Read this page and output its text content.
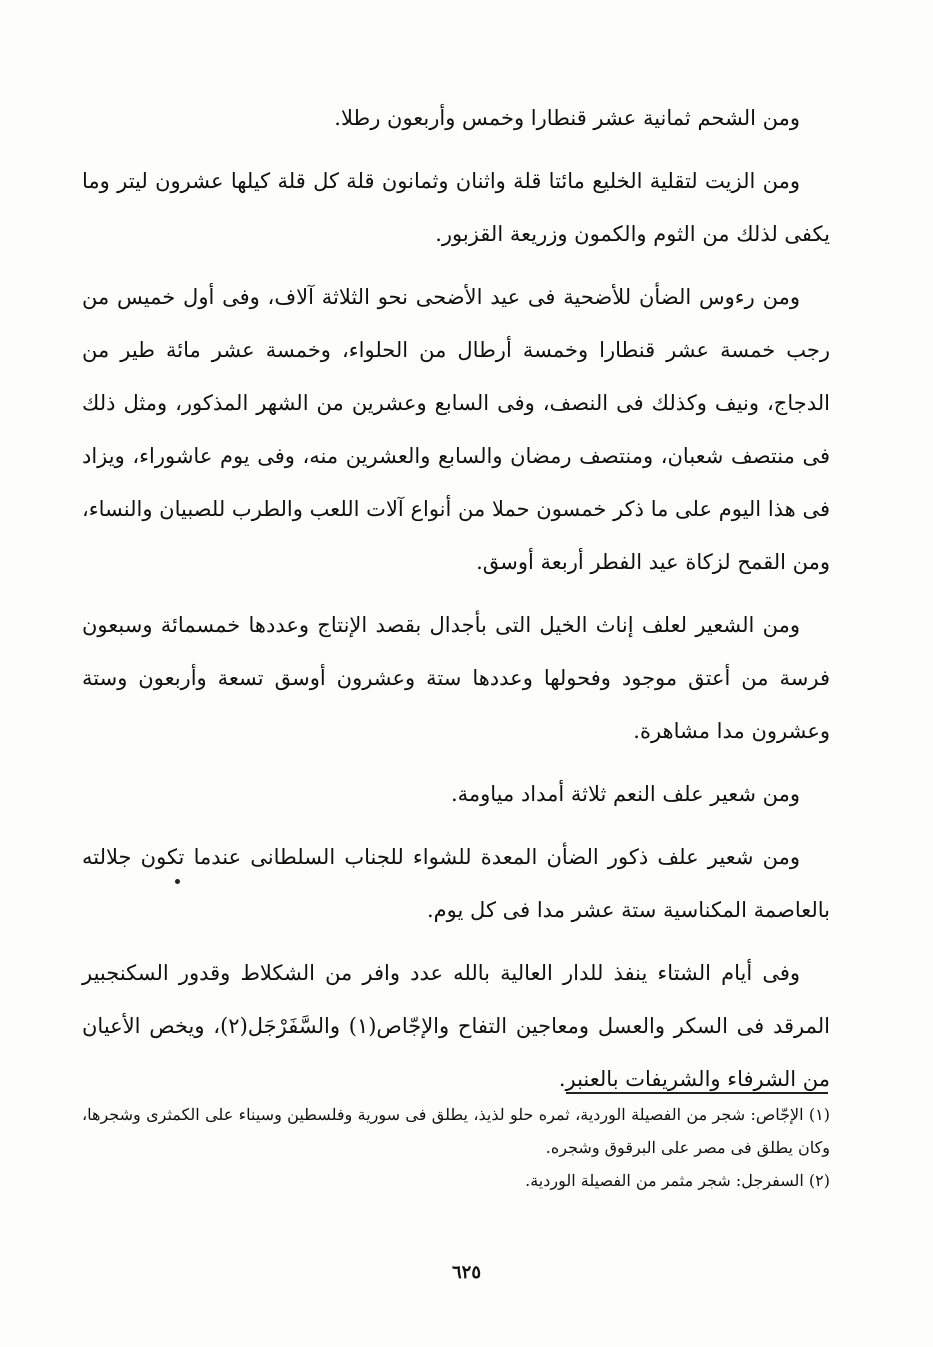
ومن الشحم ثمانية عشر قنطارا وخمس وأربعون رطلا.

ومن الزيت لتقلية الخليع مائتا قلة واثنان وثمانون قلة كل قلة كيلها عشرون ليتر وما يكفى لذلك من الثوم والكمون وزريعة القزبور.

ومن رءوس الضأن للأضحية فى عيد الأضحى نحو الثلاثة آلاف، وفى أول خميس من رجب خمسة عشر قنطارا وخمسة أرطال من الحلواء، وخمسة عشر مائة طير من الدجاج، ونيف وكذلك فى النصف، وفى السابع وعشرين من الشهر المذكور، ومثل ذلك فى منتصف شعبان، ومنتصف رمضان والسابع والعشرين منه، وفى يوم عاشوراء، ويزاد فى هذا اليوم على ما ذكر خمسون حملا من أنواع آلات اللعب والطرب للصبيان والنساء، ومن القمح لزكاة عيد الفطر أربعة أوسق.

ومن الشعير لعلف إناث الخيل التى بأجدال بقصد الإنتاج وعددها خمسمائة وسبعون فرسة من أعتق موجود وفحولها وعددها ستة وعشرون أوسق تسعة وأربعون وستة وعشرون مدا مشاهرة.

ومن شعير علف النعم ثلاثة أمداد مياومة.

ومن شعير علف ذكور الضأن المعدة للشواء للجناب السلطانى عندما تكون جلالته بالعاصمة المكناسية ستة عشر مدا فى كل يوم.

وفى أيام الشتاء ينفذ للدار العالية بالله عدد وافر من الشكلاط وقدور السكنجبير المرقد فى السكر والعسل ومعاجين التفاح والإجّاص(١) والسَّفَرْجَل(٢)، ويخص الأعيان من الشرفاء والشريفات بالعنبر.

(١) الإجّاص: شجر من الفصيلة الوردية، ثمره حلو لذيذ، يطلق فى سورية وفلسطين وسيناء على الكمثرى وشجرها، وكان يطلق فى مصر على البرقوق وشجره.

(٢) السفرجل: شجر مثمر من الفصيلة الوردية.

٦٢٥
